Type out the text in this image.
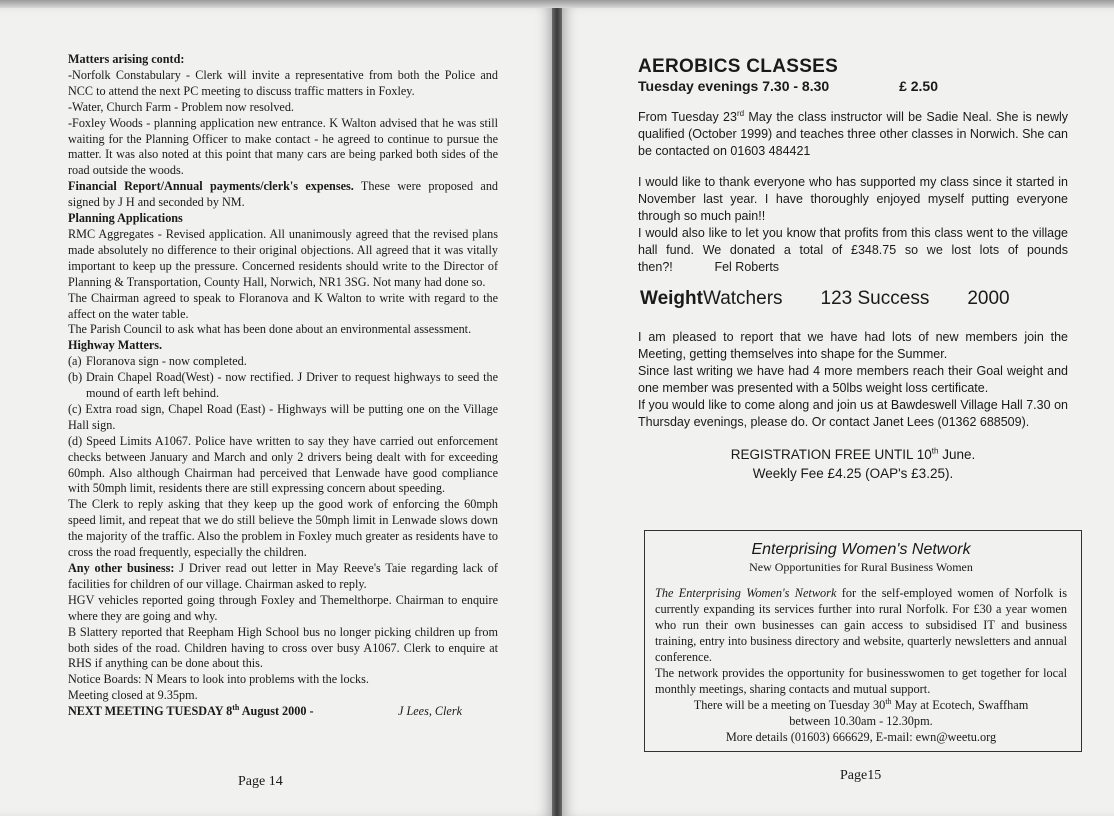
Matters arising contd:

-Norfolk Constabulary - Clerk will invite a representative from both the Police and NCC to attend the next PC meeting to discuss traffic matters in Foxley.

-Water, Church Farm - Problem now resolved.

-Foxley Woods - planning application new entrance. K Walton advised that he was still waiting for the Planning Officer to make contact - he agreed to continue to pursue the matter. It was also noted at this point that many cars are being parked both sides of the road outside the woods.

Financial Report/Annual payments/clerk's expenses. These were proposed and signed by J H and seconded by NM.

Planning Applications

RMC Aggregates - Revised application. All unanimously agreed that the revised plans made absolutely no difference to their original objections. All agreed that it was vitally important to keep up the pressure. Concerned residents should write to the Director of Planning & Transportation, County Hall, Norwich, NR1 3SG. Not many had done so.

The Chairman agreed to speak to Floranova and K Walton to write with regard to the affect on the water table.

The Parish Council to ask what has been done about an environmental assessment.

Highway Matters.

(a) Floranova sign - now completed.

(b) Drain Chapel Road(West) - now rectified. J Driver to request highways to seed the mound of earth left behind.

(c) Extra road sign, Chapel Road (East) - Highways will be putting one on the Village Hall sign.

(d) Speed Limits A1067. Police have written to say they have carried out enforcement checks between January and March and only 2 drivers being dealt with for exceeding 60mph. Also although Chairman had perceived that Lenwade have good compliance with 50mph limit, residents there are still expressing concern about speeding.

The Clerk to reply asking that they keep up the good work of enforcing the 60mph speed limit, and repeat that we do still believe the 50mph limit in Lenwade slows down the majority of the traffic. Also the problem in Foxley much greater as residents have to cross the road frequently, especially the children.

Any other business: J Driver read out letter in May Reeve's Taie regarding lack of facilities for children of our village. Chairman asked to reply.

HGV vehicles reported going through Foxley and Themelthorpe. Chairman to enquire where they are going and why.

B Slattery reported that Reepham High School bus no longer picking children up from both sides of the road. Children having to cross over busy A1067. Clerk to enquire at RHS if anything can be done about this.

Notice Boards: N Mears to look into problems with the locks.

Meeting closed at 9.35pm.

NEXT MEETING TUESDAY 8th August 2000 -	J Lees, Clerk

Page 14
AEROBICS CLASSES
Tuesday evenings 7.30 - 8.30	£ 2.50

From Tuesday 23rd May the class instructor will be Sadie Neal. She is newly qualified (October 1999) and teaches three other classes in Norwich. She can be contacted on 01603 484421

I would like to thank everyone who has supported my class since it started in November last year. I have thoroughly enjoyed myself putting everyone through so much pain!!

I would also like to let you know that profits from this class went to the village hall fund. We donated a total of £348.75 so we lost lots of pounds then?!	Fel Roberts

WeightWatchers 123 Success 2000

I am pleased to report that we have had lots of new members join the Meeting, getting themselves into shape for the Summer.

Since last writing we have had 4 more members reach their Goal weight and one member was presented with a 50lbs weight loss certificate.

If you would like to come along and join us at Bawdeswell Village Hall 7.30 on Thursday evenings, please do. Or contact Janet Lees (01362 688509).

REGISTRATION FREE UNTIL 10th June.

Weekly Fee £4.25 (OAP's £3.25).

Page15
Enterprising Women's Network
New Opportunities for Rural Business Women

The Enterprising Women's Network for the self-employed women of Norfolk is currently expanding its services further into rural Norfolk. For £30 a year women who run their own businesses can gain access to subsidised IT and business training, entry into business directory and website, quarterly newsletters and annual conference.

The network provides the opportunity for businesswomen to get together for local monthly meetings, sharing contacts and mutual support.

There will be a meeting on Tuesday 30th May at Ecotech, Swaffham

between 10.30am - 12.30pm.

More details (01603) 666629, E-mail: ewn@weetu.org
